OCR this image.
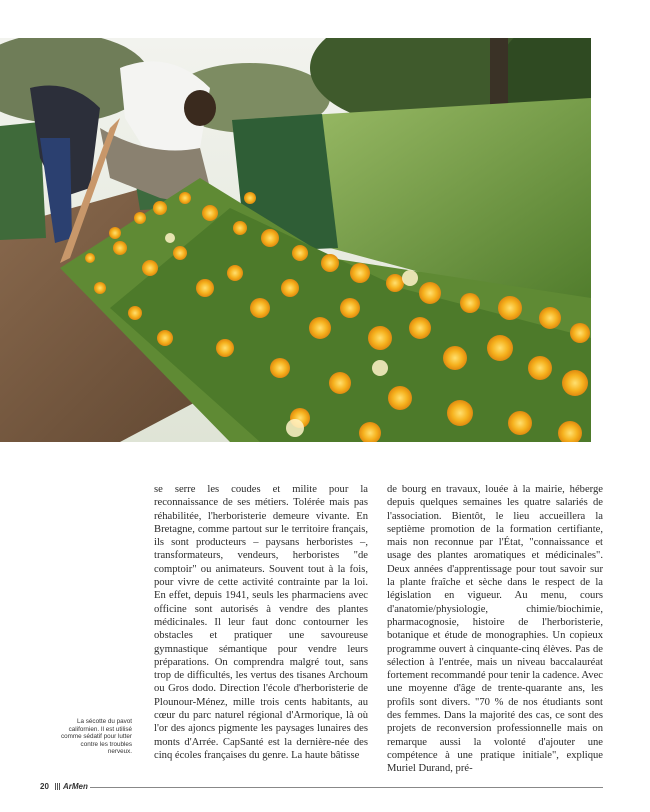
La sécotte du pavot californien. Il est utilisé comme sédatif pour lutter contre les troubles nerveux.

se serre les coudes et milite pour la reconnaissance de ses métiers. Tolérée mais pas réhabilitée, l'herboristerie demeure vivante. En Bretagne, comme partout sur le territoire français, ils sont producteurs – paysans herboristes –, transformateurs, vendeurs, herboristes "de comptoir" ou animateurs. Souvent tout à la fois, pour vivre de cette activité contrainte par la loi. En effet, depuis 1941, seuls les pharmaciens avec officine sont autorisés à vendre des plantes médicinales. Il leur faut donc contourner les obstacles et pratiquer une savoureuse gymnastique sémantique pour vendre leurs préparations. On comprendra malgré tout, sans trop de difficultés, les vertus des tisanes Archoum ou Gros dodo. Direction l'école d'herboristerie de Plounour-Ménez, mille trois cents habitants, au cœur du parc naturel régional d'Armorique, là où l'or des ajoncs pigmente les paysages lunaires des monts d'Arrée. CapSanté est la dernière-née des cinq écoles françaises du genre. La haute bâtisse

de bourg en travaux, louée à la mairie, héberge depuis quelques semaines les quatre salariés de l'association. Bientôt, le lieu accueillera la septième promotion de la formation certifiante, mais non reconnue par l'État, "connaissance et usage des plantes aromatiques et médicinales". Deux années d'apprentissage pour tout savoir sur la plante fraîche et sèche dans le respect de la législation en vigueur. Au menu, cours d'anatomie/physiologie, chimie/biochimie, pharmacognosie, histoire de l'herboristerie, botanique et étude de monographies. Un copieux programme ouvert à cinquante-cinq élèves. Pas de sélection à l'entrée, mais un niveau baccalauréat fortement recommandé pour tenir la cadence. Avec une moyenne d'âge de trente-quarante ans, les profils sont divers. "70 % de nos étudiants sont des femmes. Dans la majorité des cas, ce sont des projets de reconversion professionnelle mais on remarque aussi la volonté d'ajouter une compétence à une pratique initiale", explique Muriel Durand, pré-

20 ArMen
